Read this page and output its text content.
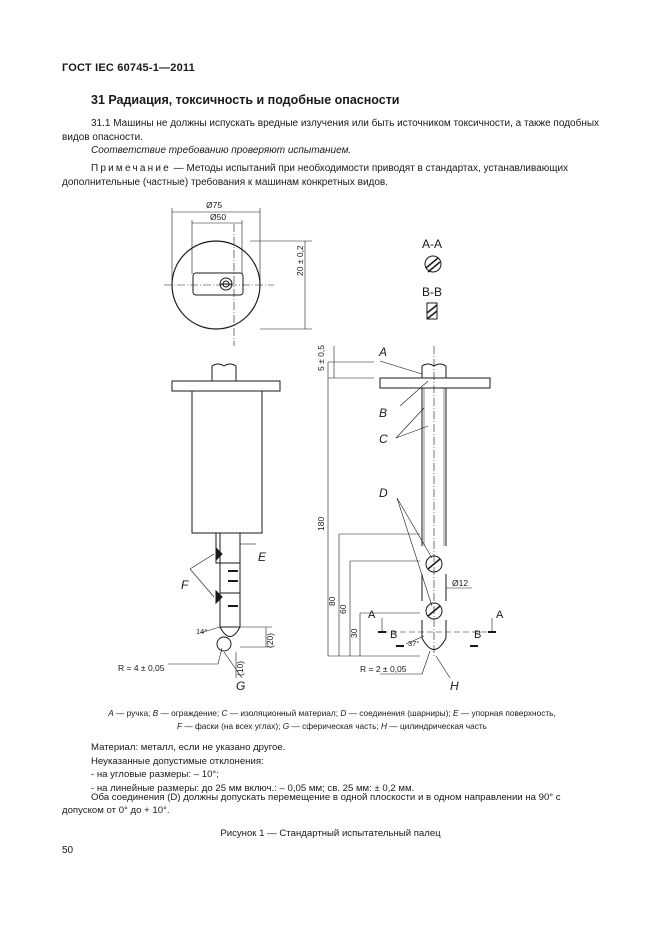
ГОСТ IEC 60745-1—2011
31 Радиация, токсичность и подобные опасности
31.1 Машины не должны испускать вредные излучения или быть источником токсичности, а также подобных видов опасности.
Соответствие требованию проверяют испытанием.
Примечание — Методы испытаний при необходимости приводят в стандартах, устанавливающих дополнительные (частные) требования к машинам конкретных видов.
Ø75
Ø50
20 ± 0,2
5 ± 0,5
180
80
60
30
(20)
(10)
Ø12
14°
37°
R = 4 ± 0,05	R = 2 ± 0,05
A-A
B-B
A
B
C
D
E
F
G	H
A	A
B	B
A — ручка; B — ограждение; C — изоляционный материал; D — соединения (шарниры); E — упорная поверхность,
F — фаски (на всех углах); G — сферическая часть; H — цилиндрическая часть
Материал: металл, если не указано другое.
Неуказанные допустимые отклонения:
- на угловые размеры: – 10°;
- на линейные размеры: до 25 мм включ.: – 0,05 мм; св. 25 мм: ± 0,2 мм.
Оба соединения (D) должны допускать перемещение в одной плоскости и в одном направлении на 90° с допуском от 0° до + 10°.
Рисунок 1 — Стандартный испытательный палец
50
